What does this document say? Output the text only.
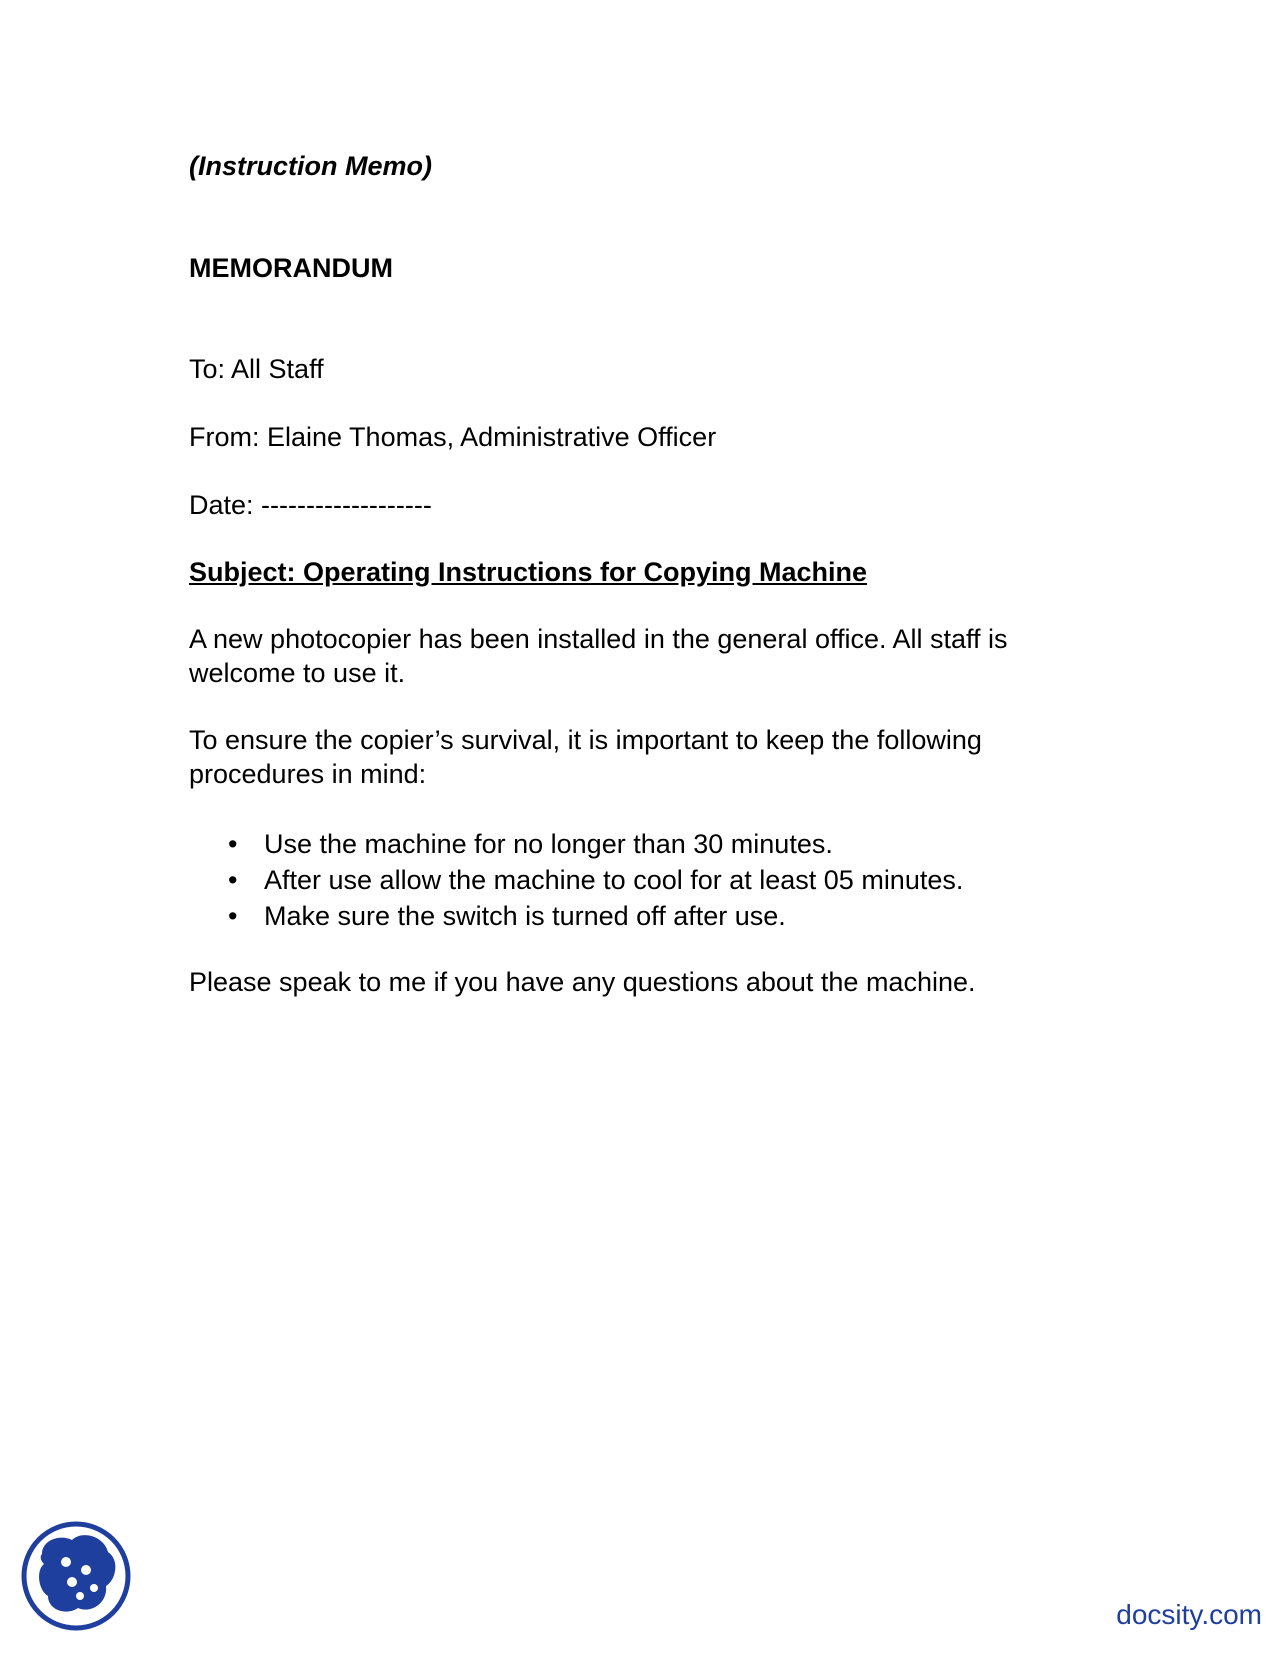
(Instruction Memo)
MEMORANDUM
To: All Staff
From: Elaine Thomas, Administrative Officer
Date: -------------------
Subject: Operating Instructions for Copying Machine
A new photocopier has been installed in the general office. All staff is welcome to use it.
To ensure the copier’s survival, it is important to keep the following procedures in mind:
• Use the machine for no longer than 30 minutes.
• After use allow the machine to cool for at least 05 minutes.
• Make sure the switch is turned off after use.
Please speak to me if you have any questions about the machine.
docsity.com
